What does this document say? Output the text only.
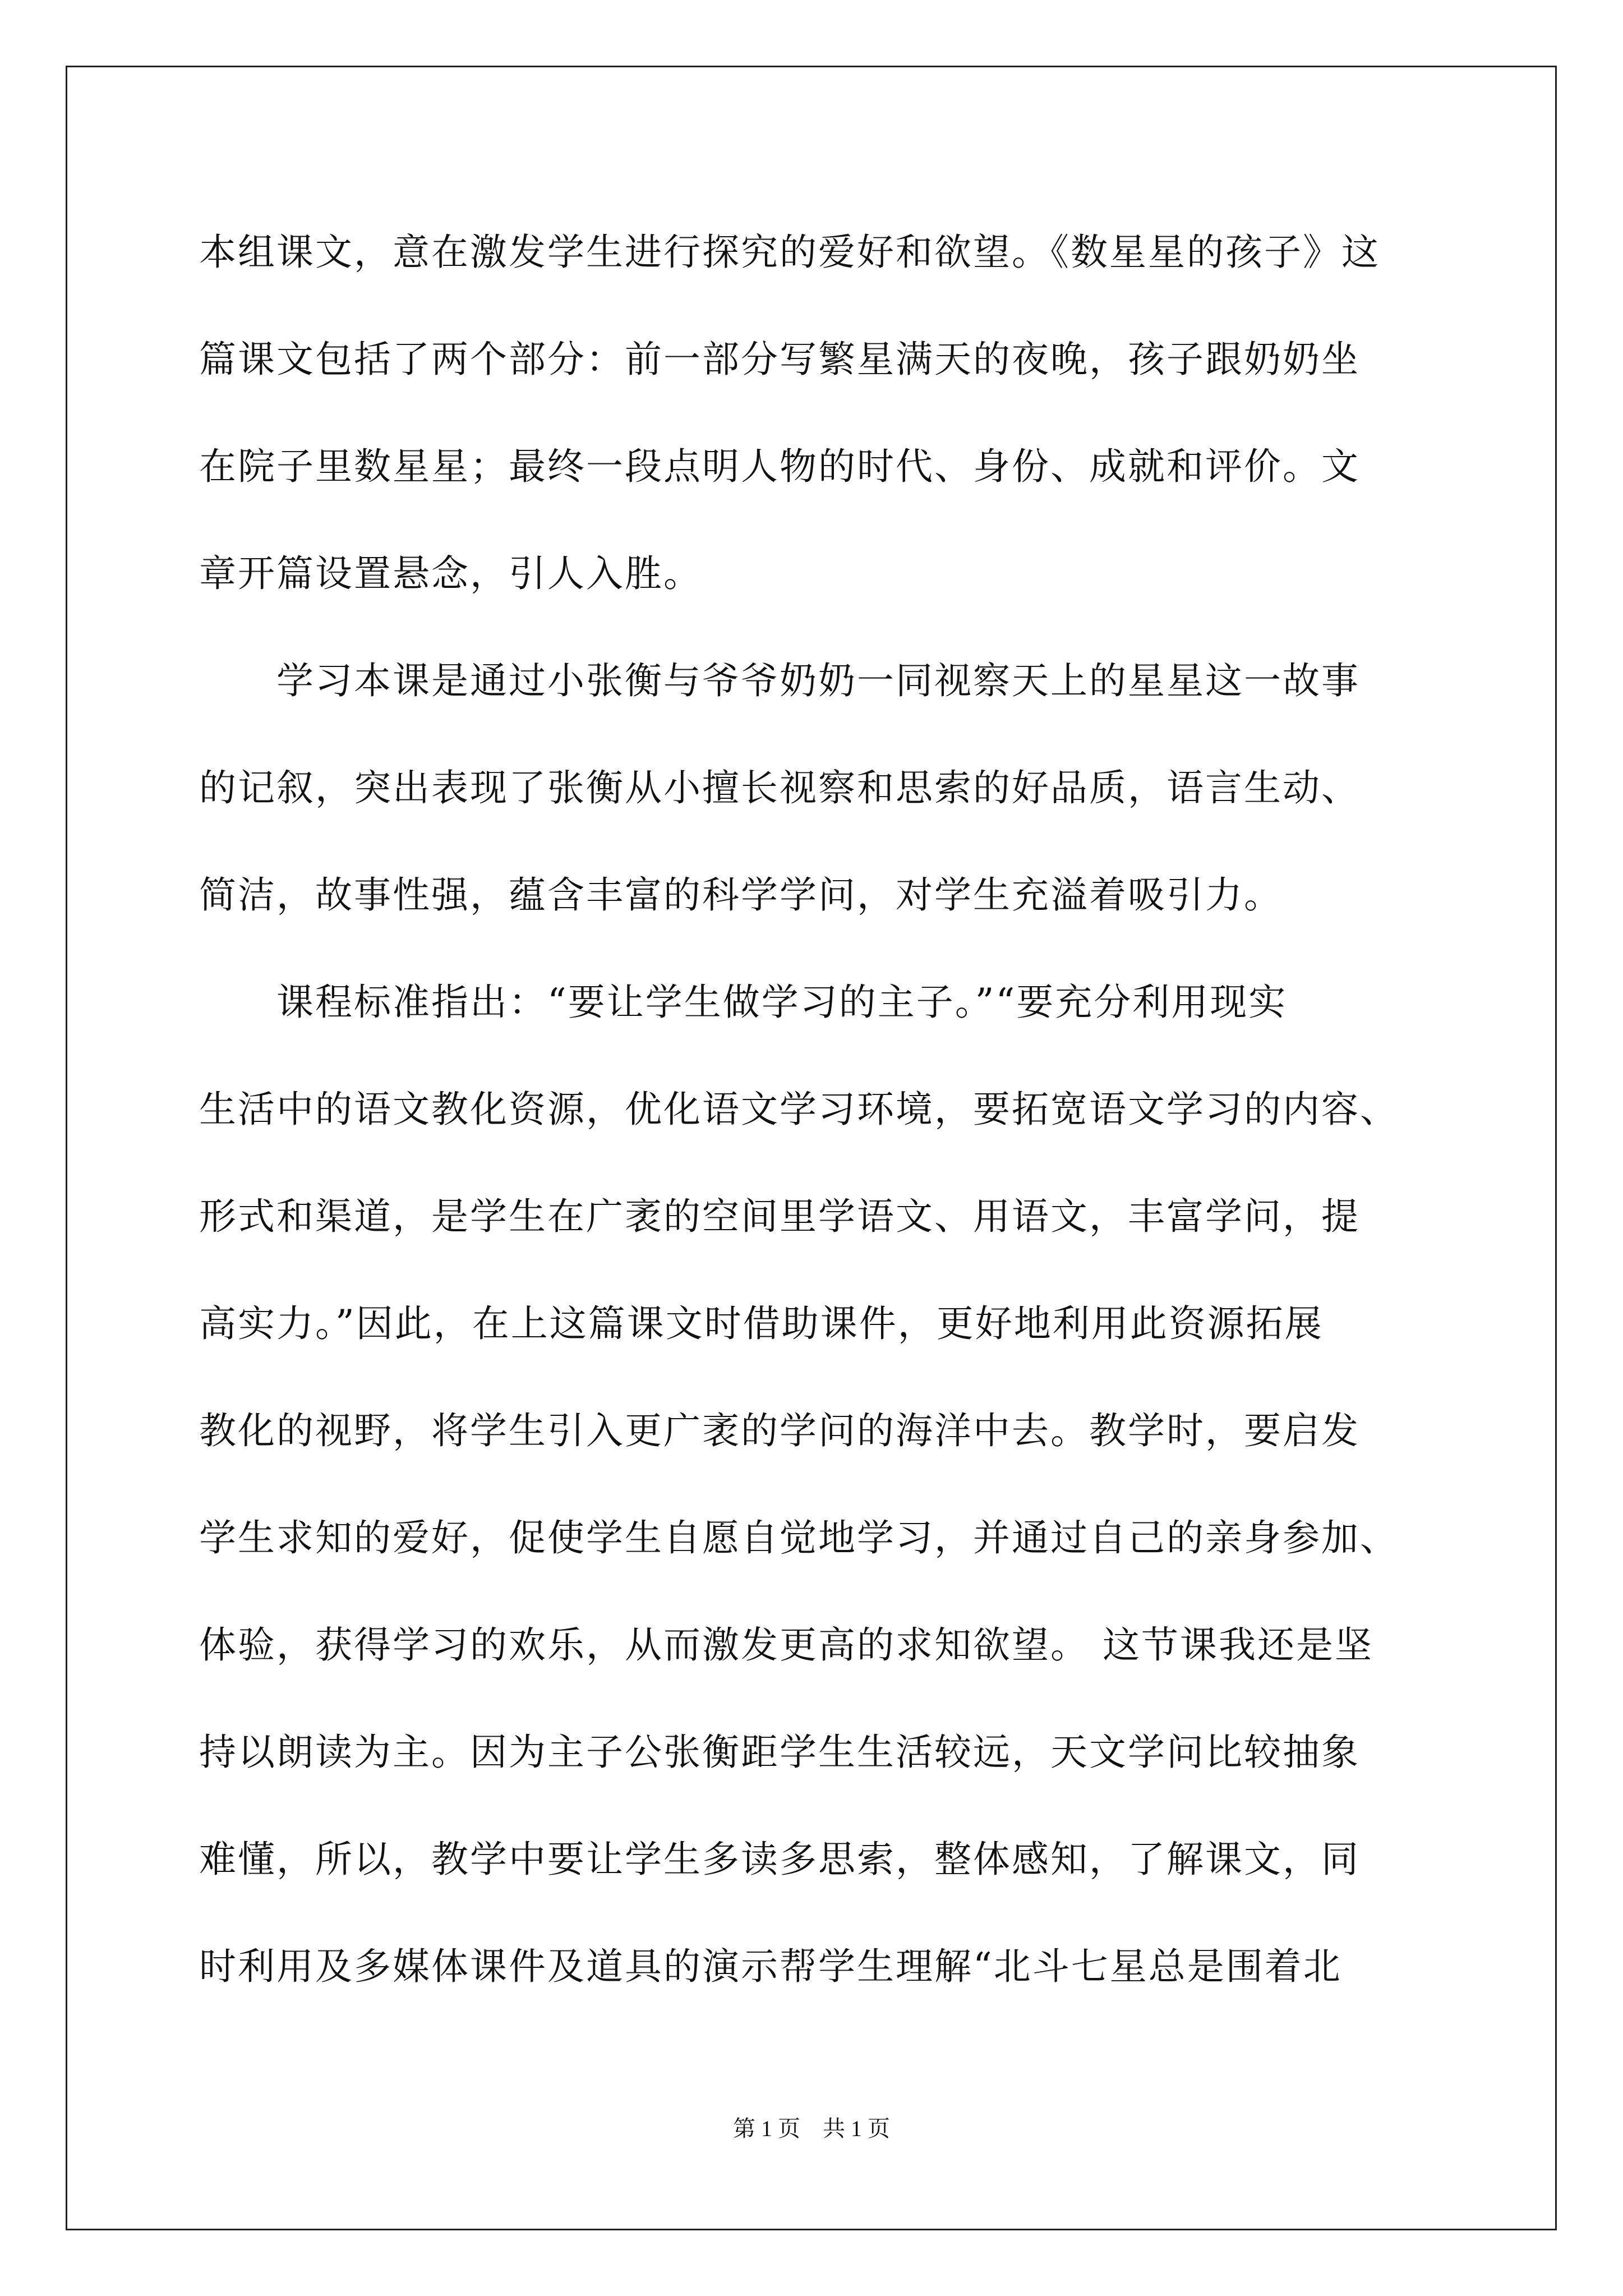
本组课文，意在激发学生进行探究的爱好和欲望。《数星星的孩子》这
篇课文包括了两个部分：前一部分写繁星满天的夜晚，孩子跟奶奶坐
在院子里数星星；最终一段点明人物的时代、身份、成就和评价。文
章开篇设置悬念，引人入胜。
　　学习本课是通过小张衡与爷爷奶奶一同视察天上的星星这一故事
的记叙，突出表现了张衡从小擅长视察和思索的好品质，语言生动、
简洁，故事性强，蕴含丰富的科学学问，对学生充溢着吸引力。
　　课程标准指出：“要让学生做学习的主子。”“要充分利用现实
生活中的语文教化资源，优化语文学习环境，要拓宽语文学习的内容、
形式和渠道，是学生在广袤的空间里学语文、用语文，丰富学问，提
高实力。”因此，在上这篇课文时借助课件，更好地利用此资源拓展
教化的视野，将学生引入更广袤的学问的海洋中去。教学时，要启发
学生求知的爱好，促使学生自愿自觉地学习，并通过自己的亲身参加、
体验，获得学习的欢乐，从而激发更高的求知欲望。 这节课我还是坚
持以朗读为主。因为主子公张衡距学生生活较远，天文学问比较抽象
难懂，所以，教学中要让学生多读多思索，整体感知，了解课文，同
时利用及多媒体课件及道具的演示帮学生理解“北斗七星总是围着北
第 1 页　共 1 页
